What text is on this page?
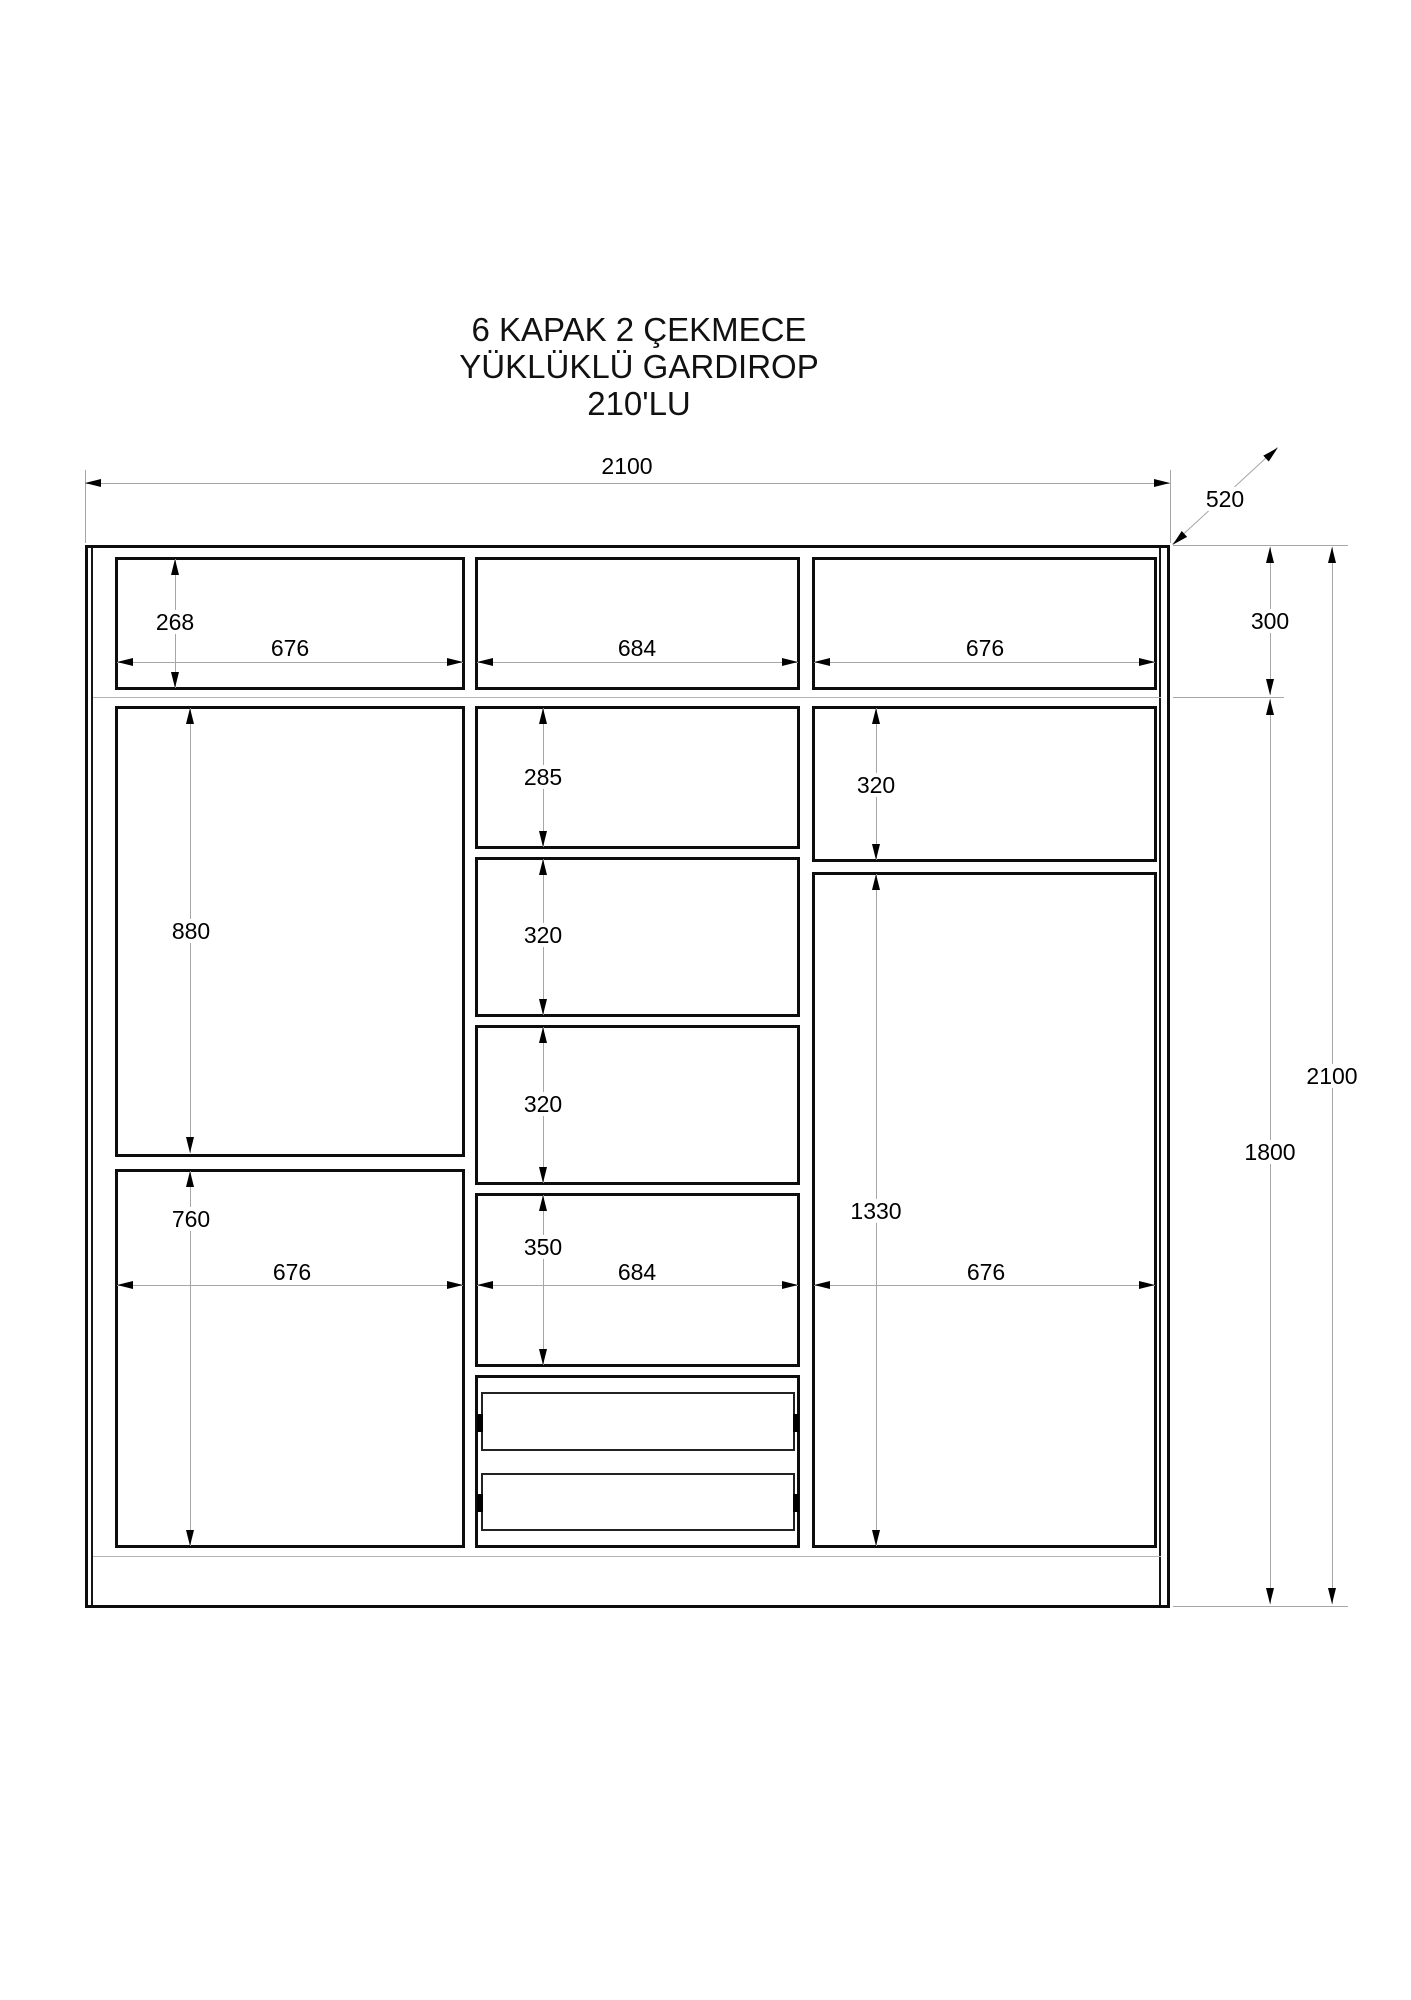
6 KAPAK 2 ÇEKMECE
YÜKLÜKLÜ GARDIROP
210'LU
2100
520
300
1800
2100
268
676	684	676
880
760
285
320
320
350
320
1330
676	684	676
